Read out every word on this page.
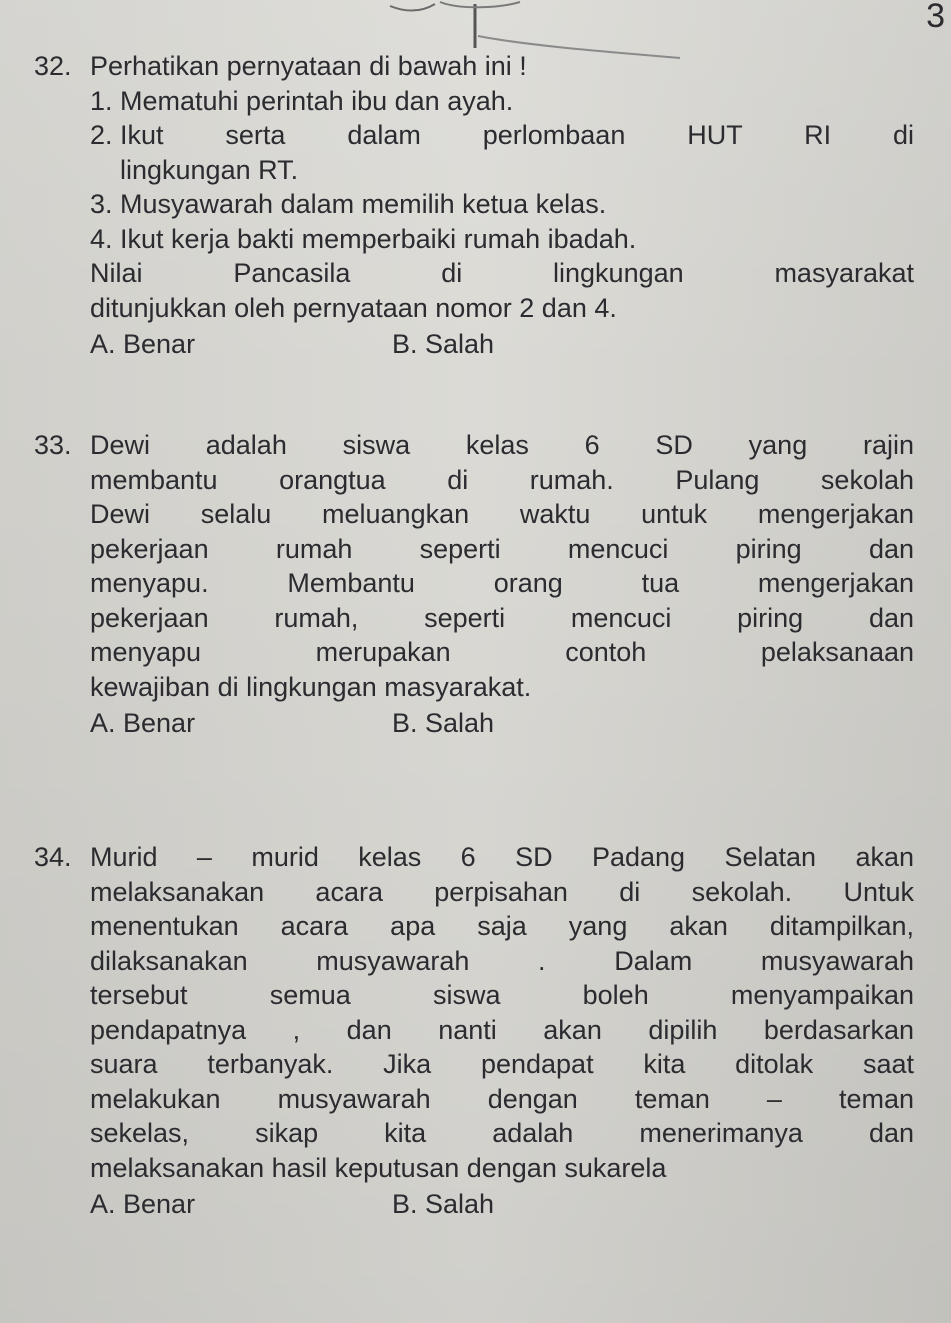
3
32. Perhatikan pernyataan di bawah ini !
1. Mematuhi perintah ibu dan ayah.
2. Ikut serta dalam perlombaan HUT RI di
lingkungan RT.
3. Musyawarah dalam memilih ketua kelas.
4. Ikut kerja bakti memperbaiki rumah ibadah.
Nilai Pancasila di lingkungan masyarakat
ditunjukkan oleh pernyataan nomor 2 dan 4.
A. Benar	B. Salah
33. Dewi adalah siswa kelas 6 SD yang rajin
membantu orangtua di rumah. Pulang sekolah
Dewi selalu meluangkan waktu untuk mengerjakan
pekerjaan rumah seperti mencuci piring dan
menyapu. Membantu orang tua mengerjakan
pekerjaan rumah, seperti mencuci piring dan
menyapu merupakan contoh pelaksanaan
kewajiban di lingkungan masyarakat.
A. Benar	B. Salah
34. Murid – murid kelas 6 SD Padang Selatan akan
melaksanakan acara perpisahan di sekolah. Untuk
menentukan acara apa saja yang akan ditampilkan,
dilaksanakan musyawarah . Dalam musyawarah
tersebut semua siswa boleh menyampaikan
pendapatnya , dan nanti akan dipilih berdasarkan
suara terbanyak. Jika pendapat kita ditolak saat
melakukan musyawarah dengan teman – teman
sekelas, sikap kita adalah menerimanya dan
melaksanakan hasil keputusan dengan sukarela
A. Benar	B. Salah
